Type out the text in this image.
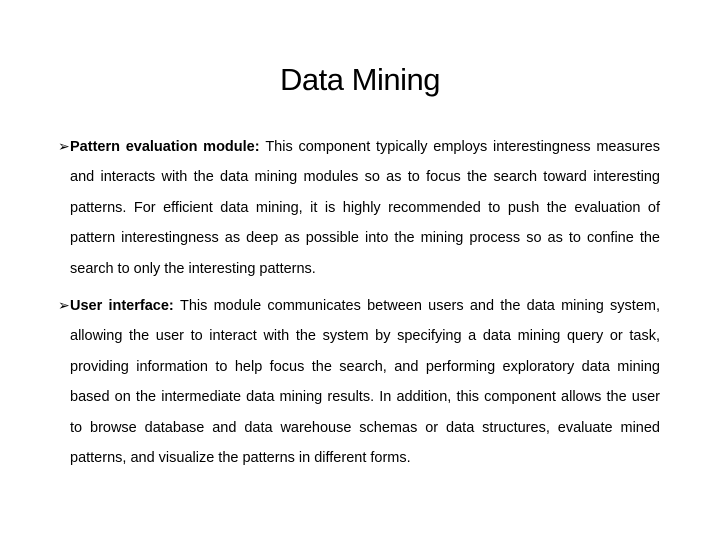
Data Mining
➢ Pattern evaluation module: This component typically employs interestingness measures and interacts with the data mining modules so as to focus the search toward interesting patterns. For efficient data mining, it is highly recommended to push the evaluation of pattern interestingness as deep as possible into the mining process so as to confine the search to only the interesting patterns.
➢ User interface: This module communicates between users and the data mining system, allowing the user to interact with the system by specifying a data mining query or task, providing information to help focus the search, and performing exploratory data mining based on the intermediate data mining results. In addition, this component allows the user to browse database and data warehouse schemas or data structures, evaluate mined patterns, and visualize the patterns in different forms.
